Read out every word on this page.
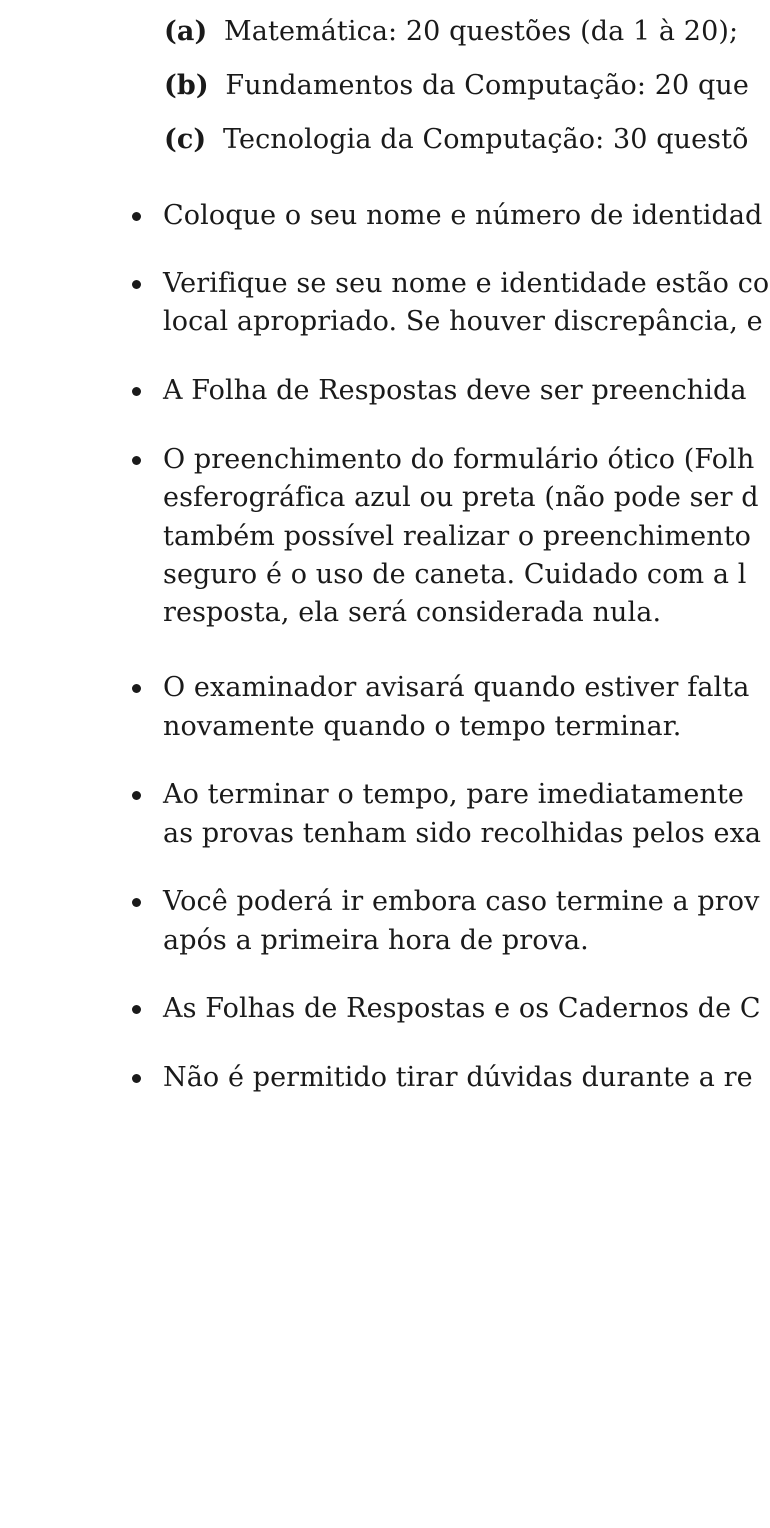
(a) Matemática: 20 questões (da 1 à 20);
(b) Fundamentos da Computação: 20 que
(c) Tecnologia da Computação: 30 questõ
Coloque o seu nome e número de identidad
Verifique se seu nome e identidade estão co
local apropriado. Se houver discrepância, e
A Folha de Respostas deve ser preenchida
O preenchimento do formulário ótico (Folh
esferográfica azul ou preta (não pode ser d
também possível realizar o preenchimento
seguro é o uso de caneta. Cuidado com a l
resposta, ela será considerada nula.
O examinador avisará quando estiver falta
novamente quando o tempo terminar.
Ao terminar o tempo, pare imediatamente
as provas tenham sido recolhidas pelos exa
Você poderá ir embora caso termine a prov
após a primeira hora de prova.
As Folhas de Respostas e os Cadernos de C
Não é permitido tirar dúvidas durante a re
